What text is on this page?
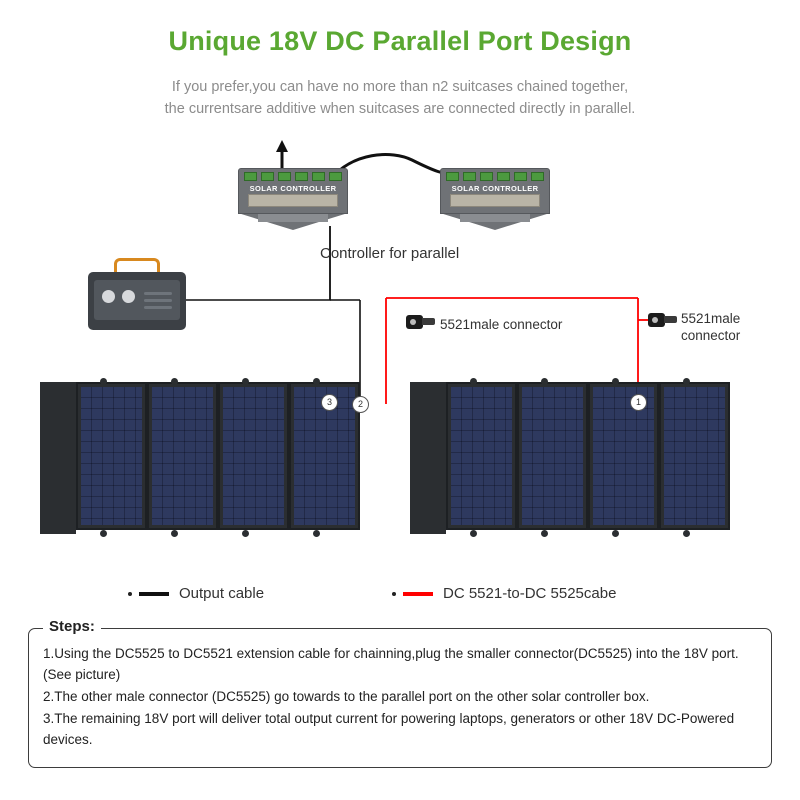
Unique 18V DC Parallel Port Design
If you prefer,you can have no more than n2 suitcases chained together,
the currentsare additive when suitcases are connected directly in parallel.
SOLAR CONTROLLER	SOLAR CONTROLLER
Controller for parallel
3	2	1
5521male connector	5521male
connector
Output cable	DC 5521-to-DC 5525cabe
Steps:

1.Using the DC5525 to DC5521 extension cable for chainning,plug the smaller connector(DC5525) into the 18V port. (See picture)

2.The other male connector (DC5525) go towards to the parallel port on the other solar controller box.

3.The remaining 18V port will deliver total output current for powering laptops, generators or other 18V DC-Powered devices.
